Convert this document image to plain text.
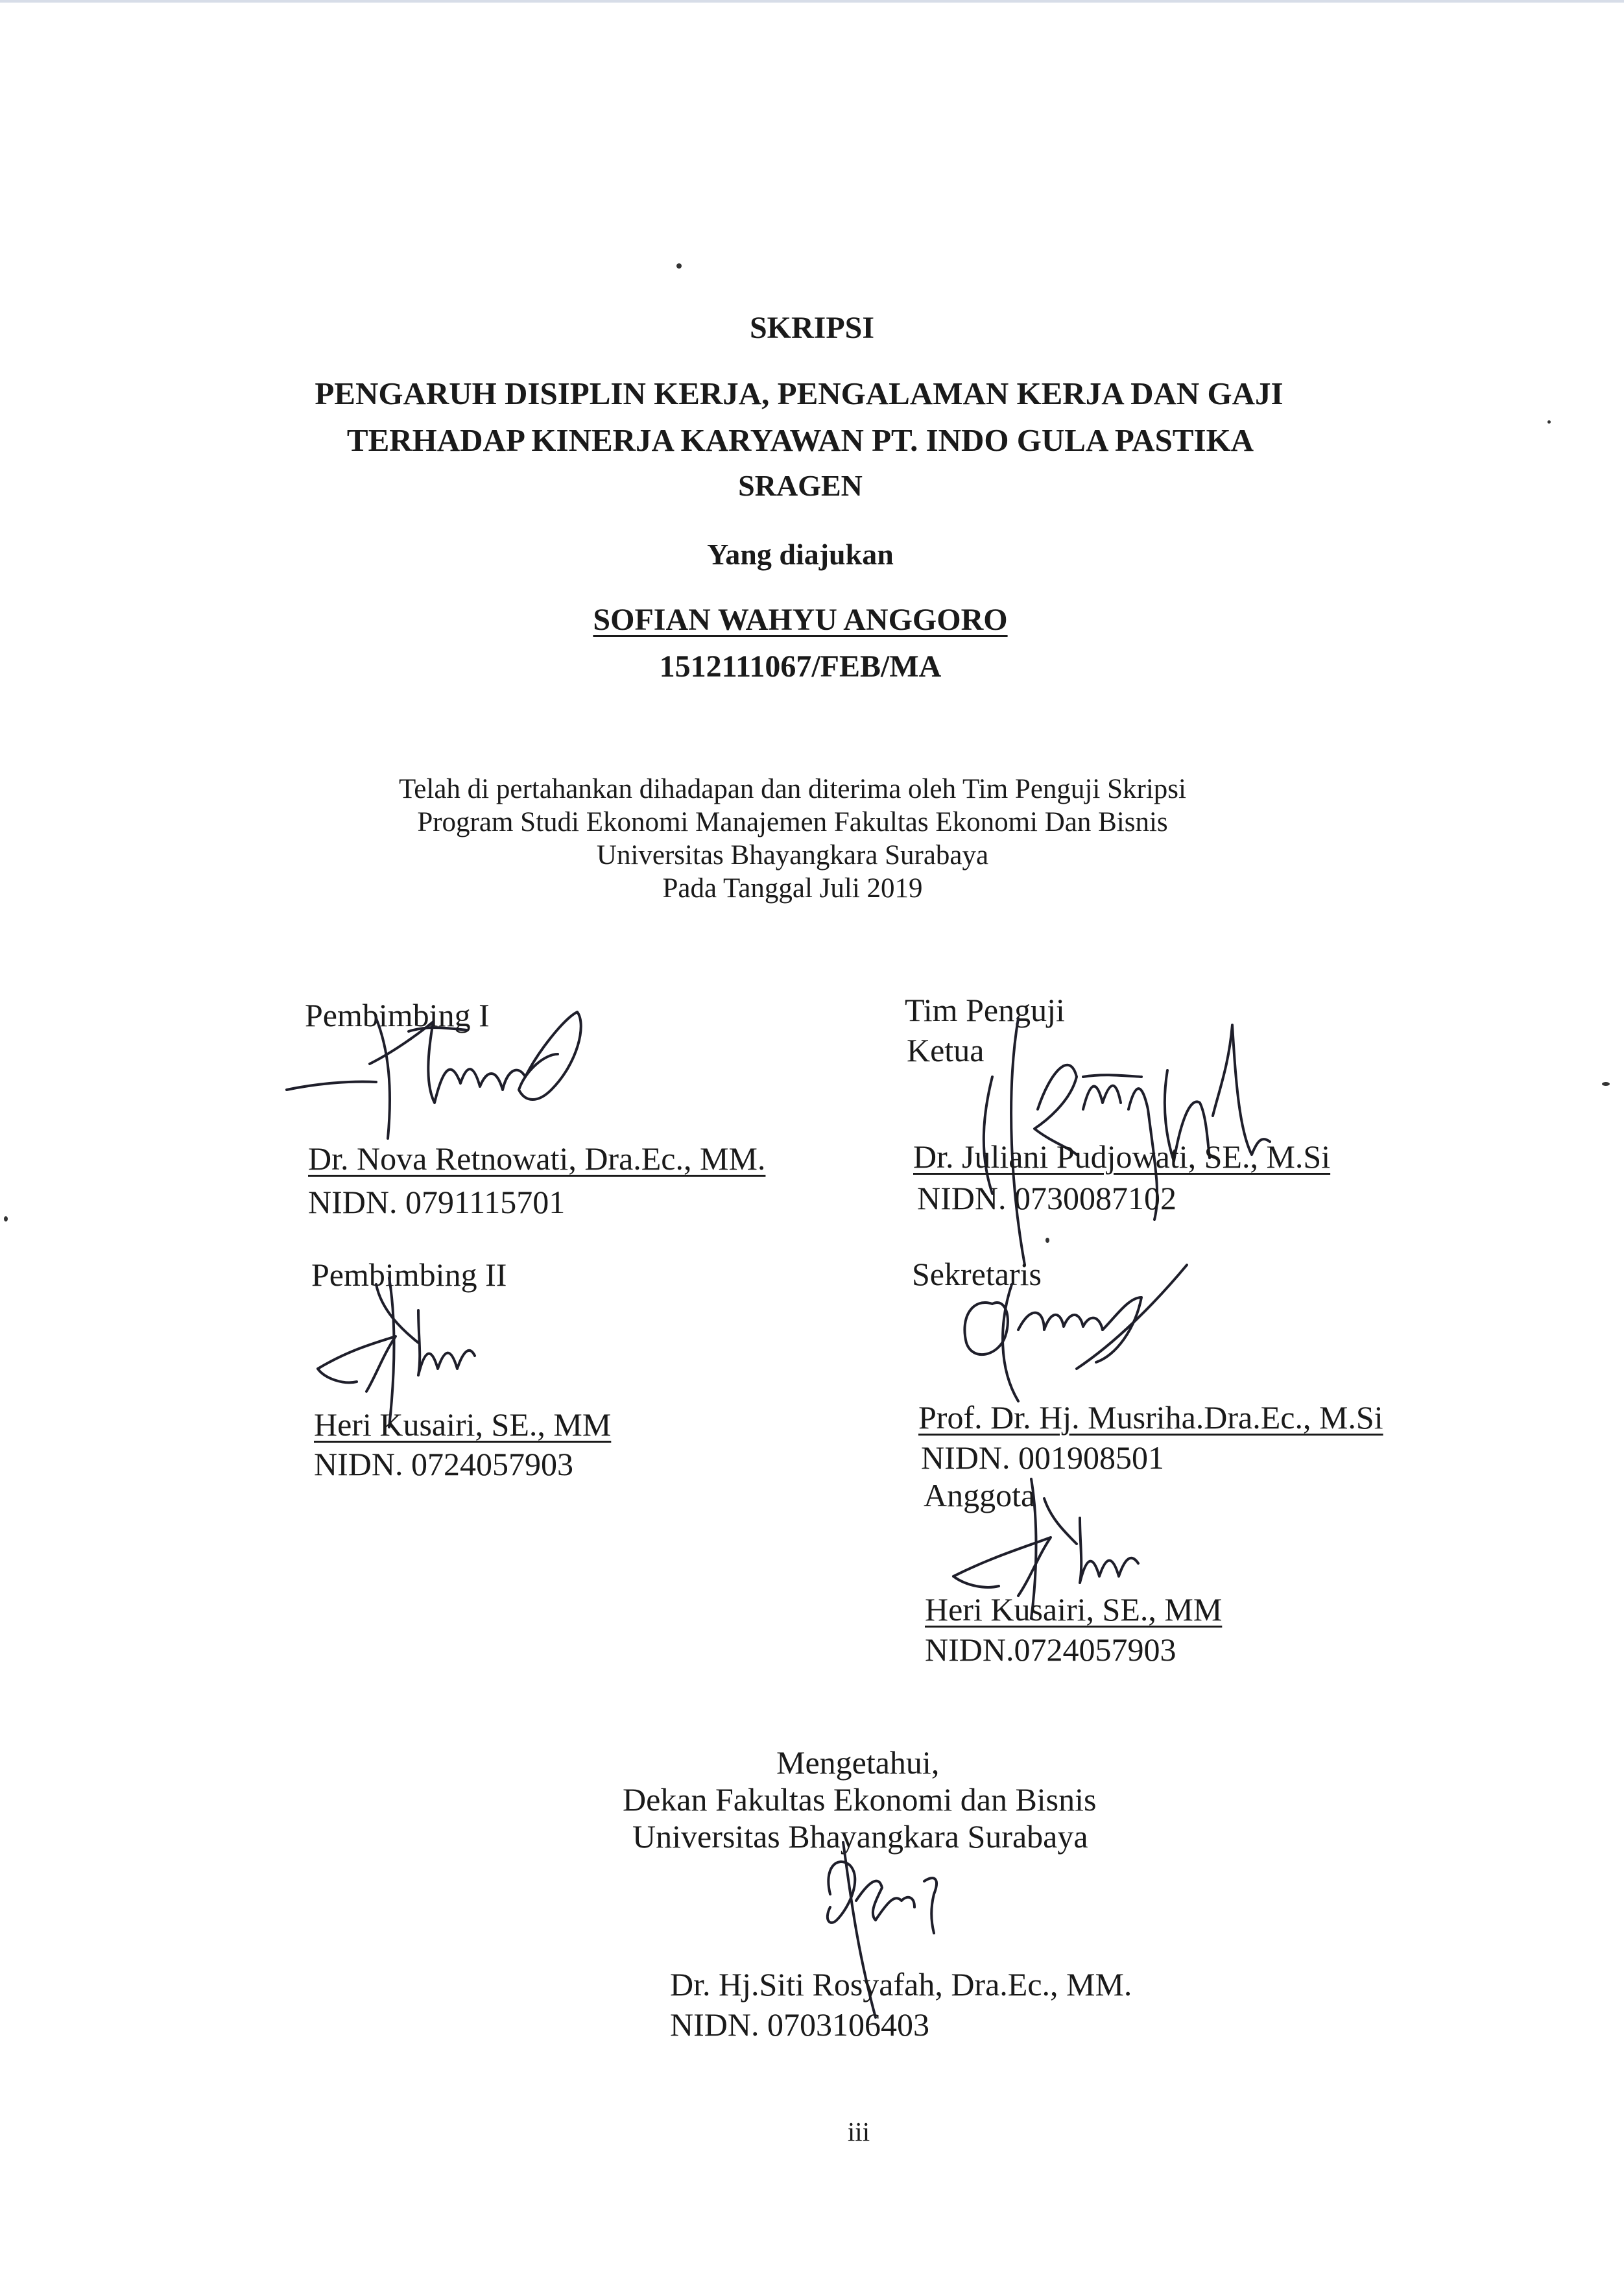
SKRIPSI
PENGARUH DISIPLIN KERJA, PENGALAMAN KERJA DAN GAJI
TERHADAP KINERJA KARYAWAN PT. INDO GULA PASTIKA
SRAGEN
Yang diajukan
SOFIAN WAHYU ANGGORO
1512111067/FEB/MA
Telah di pertahankan dihadapan dan diterima oleh Tim Penguji Skripsi
Program Studi Ekonomi Manajemen Fakultas Ekonomi Dan Bisnis
Universitas Bhayangkara Surabaya
Pada Tanggal Juli 2019
Pembimbing I
Dr. Nova Retnowati, Dra.Ec., MM.
NIDN. 0791115701
Pembimbing II
Heri Kusairi, SE., MM
NIDN. 0724057903
Tim Penguji
Ketua
Dr. Juliani Pudjowati, SE., M.Si
NIDN. 0730087102
Sekretaris
Prof. Dr. Hj. Musriha.Dra.Ec., M.Si
NIDN. 001908501
Anggota
Heri Kusairi, SE., MM
NIDN.0724057903
Mengetahui,
Dekan Fakultas Ekonomi dan Bisnis
Universitas Bhayangkara Surabaya
Dr. Hj.Siti Rosyafah, Dra.Ec., MM.
NIDN. 0703106403
iii
